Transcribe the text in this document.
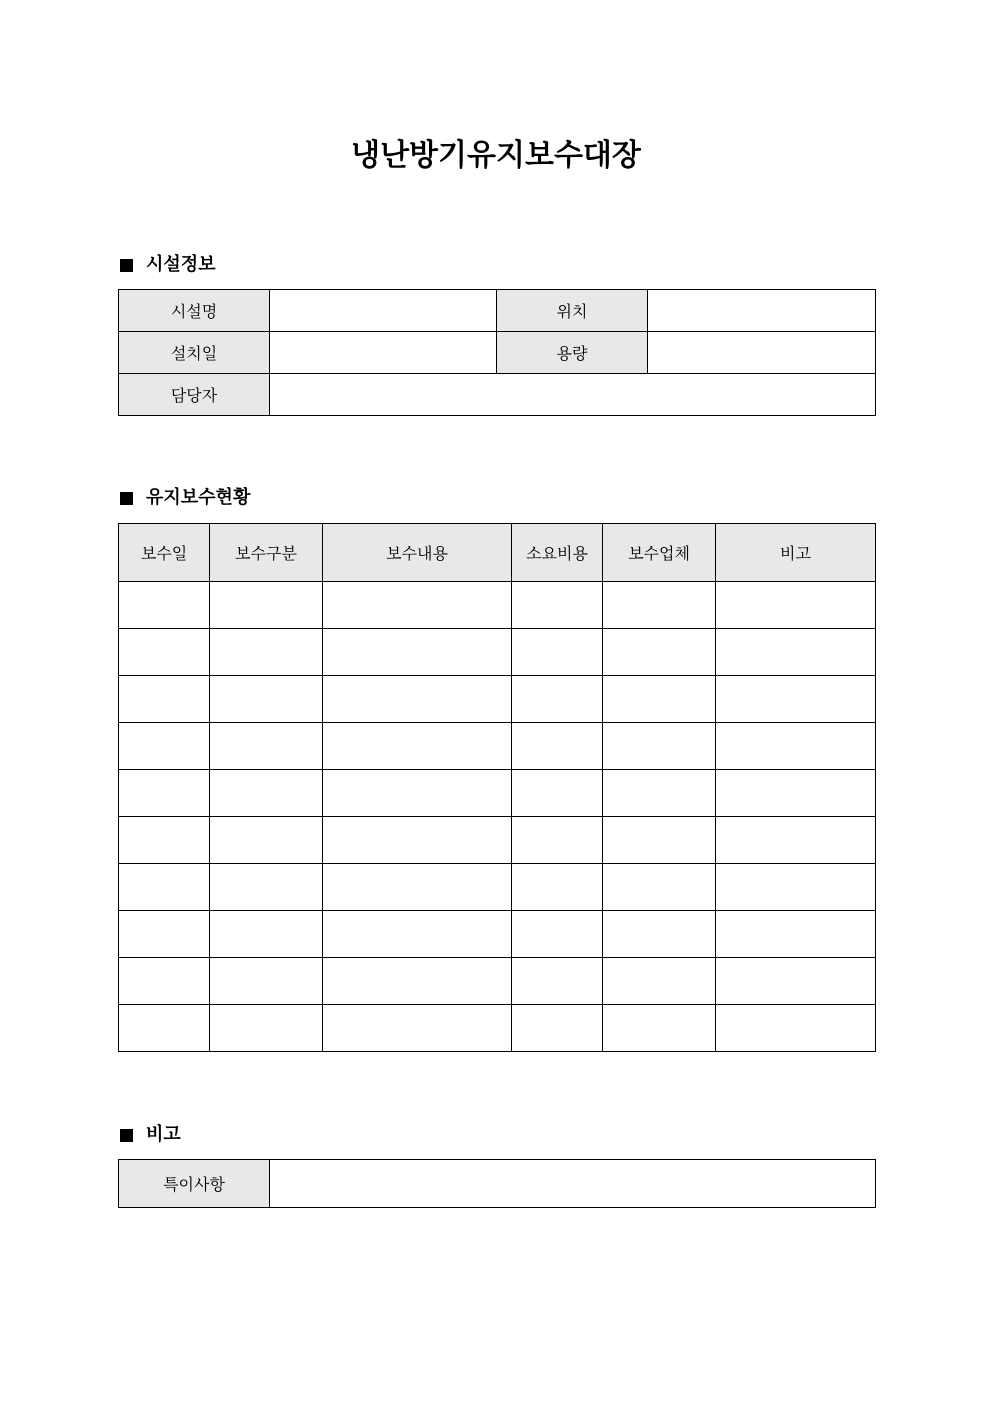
냉난방기유지보수대장
시설정보
시설명		위치	
설치일		용량	
담당자			
유지보수현황
보수일	보수구분	보수내용	소요비용	보수업체	비고

비고
특이사항	
